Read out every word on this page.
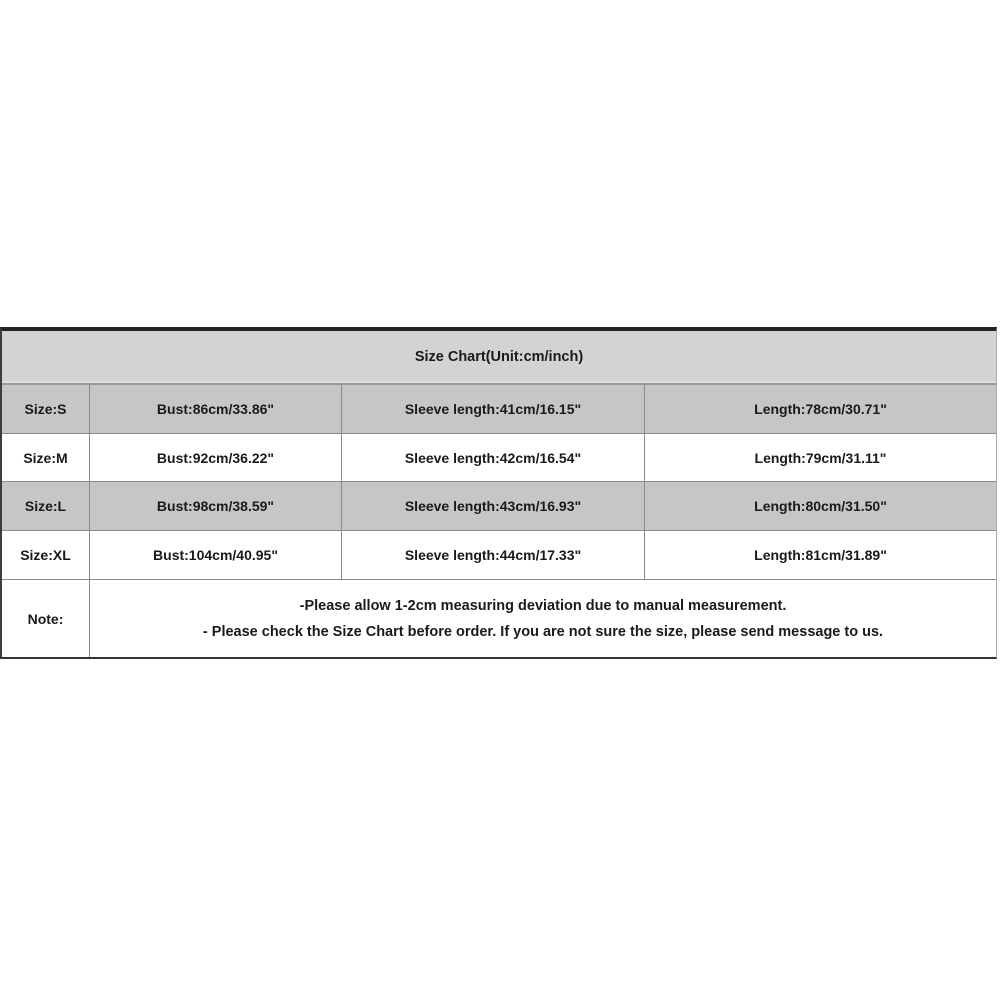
Size Chart(Unit:cm/inch)
Size:S	Bust:86cm/33.86"	Sleeve length:41cm/16.15"	Length:78cm/30.71"
Size:M	Bust:92cm/36.22"	Sleeve length:42cm/16.54"	Length:79cm/31.11"
Size:L	Bust:98cm/38.59"	Sleeve length:43cm/16.93"	Length:80cm/31.50"
Size:XL	Bust:104cm/40.95"	Sleeve length:44cm/17.33"	Length:81cm/31.89"
Note:
-Please allow 1-2cm measuring deviation due to manual measurement.
- Please check the Size Chart before order. If you are not sure the size, please send message to us.
